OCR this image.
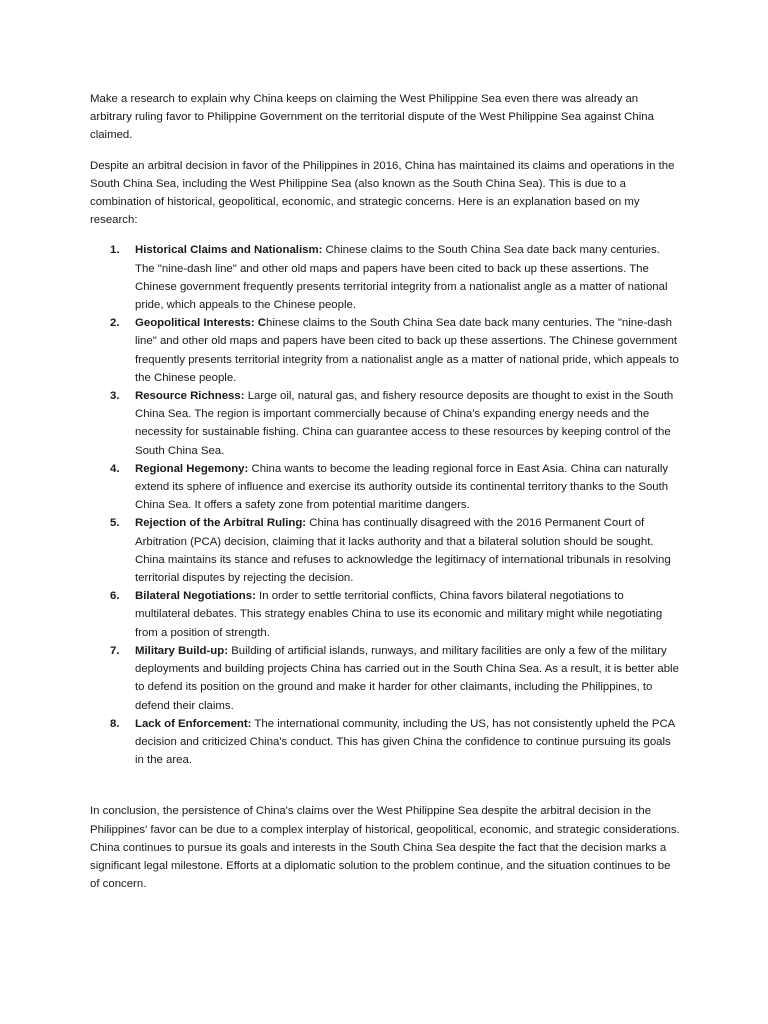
Make a research to explain why China keeps on claiming the West Philippine Sea even there was already an arbitrary ruling favor to Philippine Government on the territorial dispute of the West Philippine Sea against China claimed.

Despite an arbitral decision in favor of the Philippines in 2016, China has maintained its claims and operations in the South China Sea, including the West Philippine Sea (also known as the South China Sea). This is due to a combination of historical, geopolitical, economic, and strategic concerns. Here is an explanation based on my research:

1. Historical Claims and Nationalism: Chinese claims to the South China Sea date back many centuries. The "nine-dash line" and other old maps and papers have been cited to back up these assertions. The Chinese government frequently presents territorial integrity from a nationalist angle as a matter of national pride, which appeals to the Chinese people.
2. Geopolitical Interests: Chinese claims to the South China Sea date back many centuries. The "nine-dash line" and other old maps and papers have been cited to back up these assertions. The Chinese government frequently presents territorial integrity from a nationalist angle as a matter of national pride, which appeals to the Chinese people.
3. Resource Richness: Large oil, natural gas, and fishery resource deposits are thought to exist in the South China Sea. The region is important commercially because of China's expanding energy needs and the necessity for sustainable fishing. China can guarantee access to these resources by keeping control of the South China Sea.
4. Regional Hegemony: China wants to become the leading regional force in East Asia. China can naturally extend its sphere of influence and exercise its authority outside its continental territory thanks to the South China Sea. It offers a safety zone from potential maritime dangers.
5. Rejection of the Arbitral Ruling: China has continually disagreed with the 2016 Permanent Court of Arbitration (PCA) decision, claiming that it lacks authority and that a bilateral solution should be sought. China maintains its stance and refuses to acknowledge the legitimacy of international tribunals in resolving territorial disputes by rejecting the decision.
6. Bilateral Negotiations: In order to settle territorial conflicts, China favors bilateral negotiations to multilateral debates. This strategy enables China to use its economic and military might while negotiating from a position of strength.
7. Military Build-up: Building of artificial islands, runways, and military facilities are only a few of the military deployments and building projects China has carried out in the South China Sea. As a result, it is better able to defend its position on the ground and make it harder for other claimants, including the Philippines, to defend their claims.
8. Lack of Enforcement: The international community, including the US, has not consistently upheld the PCA decision and criticized China's conduct. This has given China the confidence to continue pursuing its goals in the area.

In conclusion, the persistence of China's claims over the West Philippine Sea despite the arbitral decision in the Philippines' favor can be due to a complex interplay of historical, geopolitical, economic, and strategic considerations. China continues to pursue its goals and interests in the South China Sea despite the fact that the decision marks a significant legal milestone. Efforts at a diplomatic solution to the problem continue, and the situation continues to be of concern.
